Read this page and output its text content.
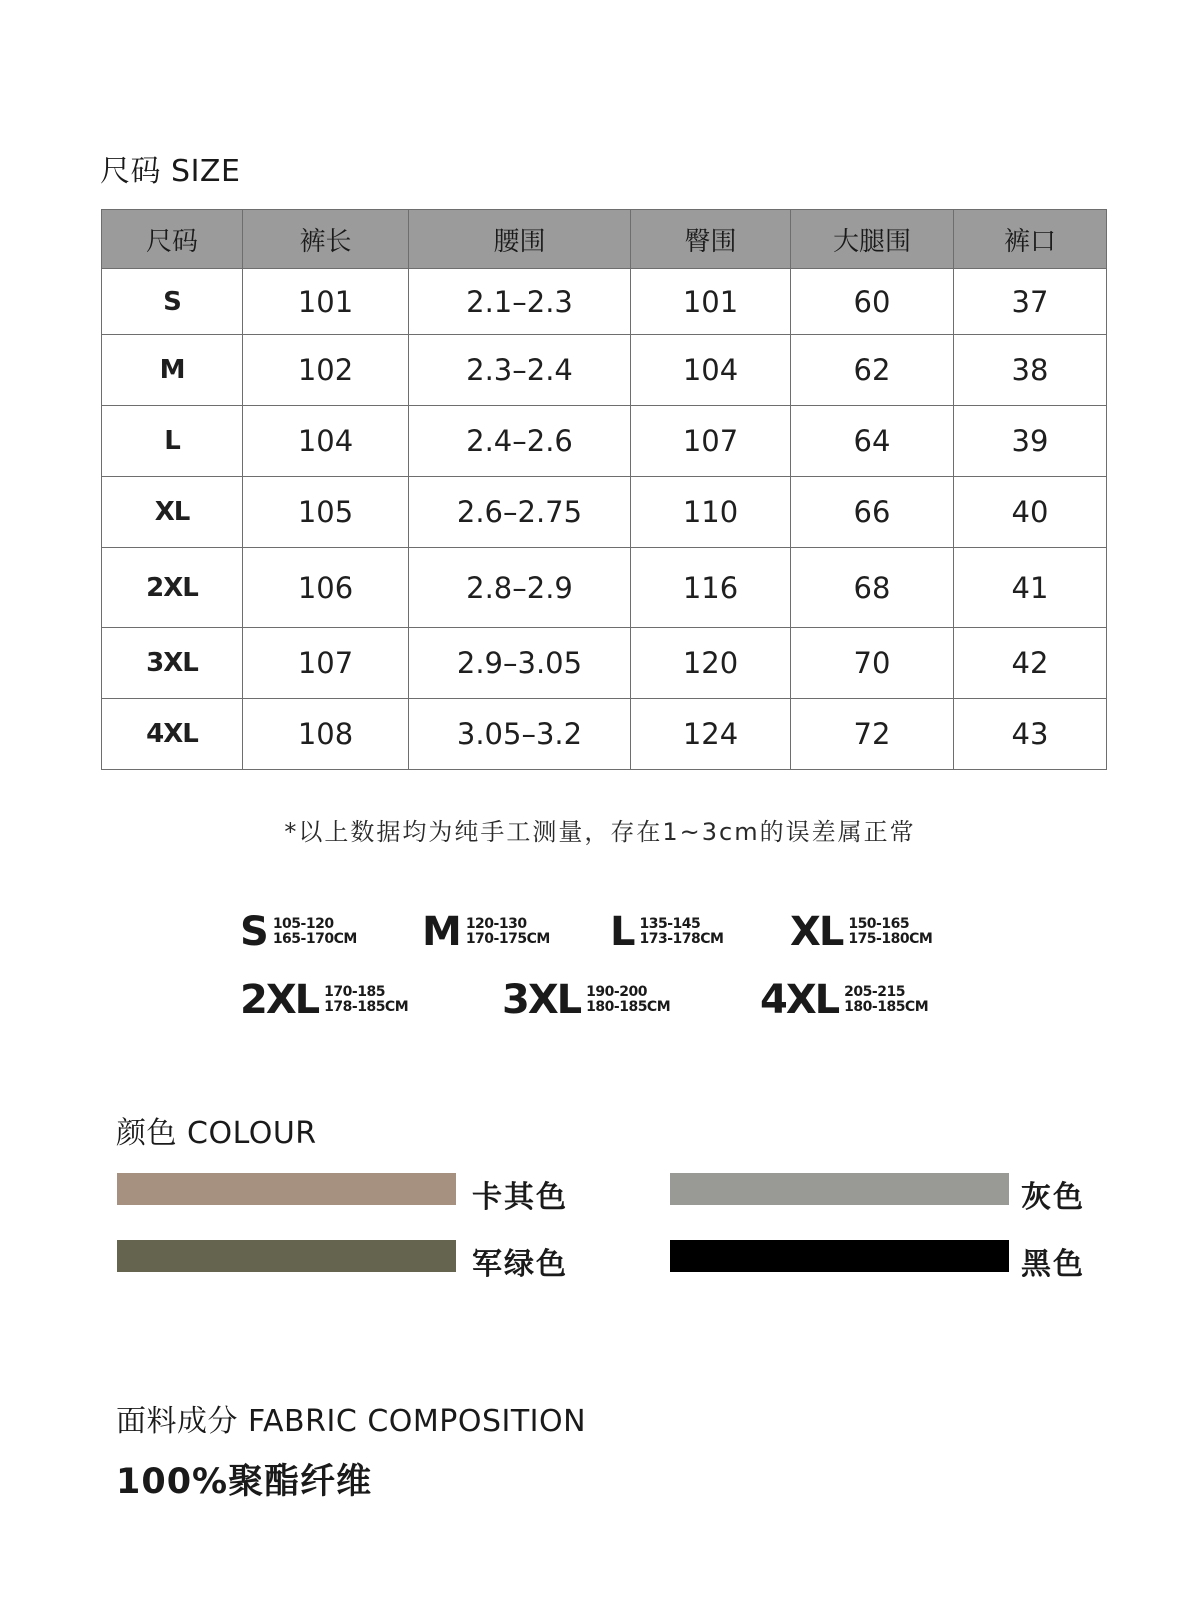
尺码 SIZE
尺码	裤长	腰围	臀围	大腿围	裤口
S	101	2.1–2.3	101	60	37
M	102	2.3–2.4	104	62	38
L	104	2.4–2.6	107	64	39
XL	105	2.6–2.75	110	66	40
2XL	106	2.8–2.9	116	68	41
3XL	107	2.9–3.05	120	70	42
4XL	108	3.05–3.2	124	72	43
*以上数据均为纯手工测量，存在1~3cm的误差属正常
S 105-120
165-170CM M 120-130
170-175CM L 135-145
173-178CM XL 150-165
175-180CM
2XL 170-185
178-185CM 3XL 190-200
180-185CM 4XL 205-215
180-185CM
颜色 COLOUR
卡其色	灰色
军绿色	黑色
面料成分 FABRIC COMPOSITION
100%聚酯纤维
